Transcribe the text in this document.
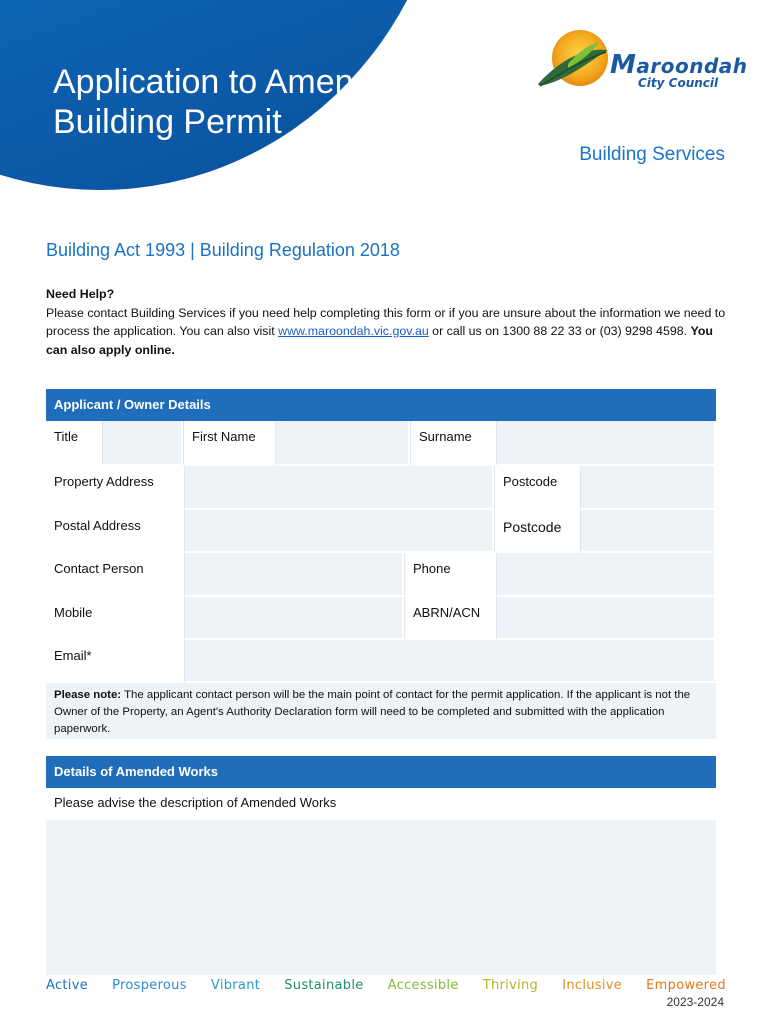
Application to Amend
Building Permit
Maroondah
City Council
Building Services
Building Act 1993 | Building Regulation 2018
Need Help?
Please contact Building Services if you need help completing this form or if you are unsure about the information we need to process the application. You can also visit www.maroondah.vic.gov.au or call us on 1300 88 22 33 or (03) 9298 4598. You can also apply online.
Applicant / Owner Details
Title	First Name	Surname
Property Address	Postcode
Postal Address	Postcode
Contact Person	Phone
Mobile	ABRN/ACN
Email*
Please note: The applicant contact person will be the main point of contact for the permit application. If the applicant is not the Owner of the Property, an Agent's Authority Declaration form will need to be completed and submitted with the application paperwork.
Details of Amended Works
Please advise the description of Amended Works
Active Prosperous Vibrant Sustainable Accessible Thriving Inclusive Empowered
2023-2024
